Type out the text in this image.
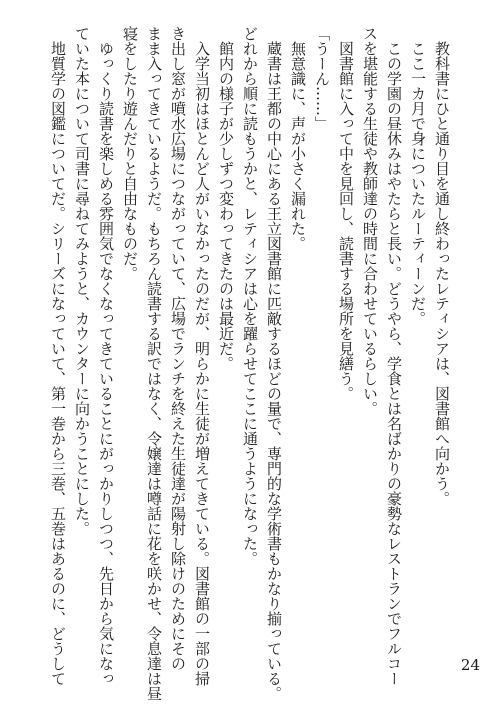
教科書にひと通り目を通し終わったレティシアは、図書館へ向かう。
ここ一カ月で身についたルーティーンだ。
この学園の昼休みはやたらと長い。どうやら、学食とは名ばかりの豪勢なレストランでフルコー
スを堪能する生徒や教師達の時間に合わせているらしい。
図書館に入って中を見回し、読書する場所を見繕う。
「うーん……」
無意識に、声が小さく漏れた。
蔵書は王都の中心にある王立図書館に匹敵するほどの量で、専門的な学術書もかなり揃っている。
どれから順に読もうかと、レティシアは心を躍らせてここに通うようになった。
館内の様子が少しずつ変わってきたのは最近だ。
入学当初はほとんど人がいなかったのだが、明らかに生徒が増えてきている。図書館の一部の掃
き出し窓が噴水広場につながっていて、広場でランチを終えた生徒達が陽射し除けのためにその
まま入ってきているようだ。もちろん読書する訳ではなく、令嬢達は噂話に花を咲かせ、令息達は昼
寝をしたり遊んだりと自由なものだ。
ゆっくり読書を楽しめる雰囲気でなくなってきていることにがっかりしつつ、先日から気になっ
ていた本について司書に尋ねてみようと、カウンターに向かうことにした。
地質学の図鑑についてだ。シリーズになっていて、第一巻から三巻、五巻はあるのに、どうして	24
